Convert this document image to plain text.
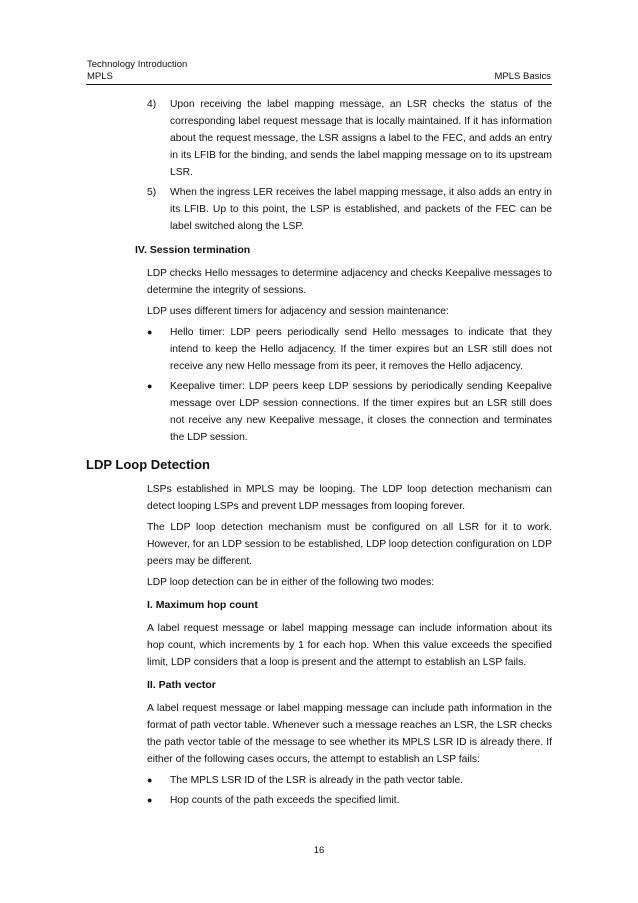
Technology Introduction
MPLS	MPLS Basics
4) Upon receiving the label mapping message, an LSR checks the status of the corresponding label request message that is locally maintained. If it has information about the request message, the LSR assigns a label to the FEC, and adds an entry in its LFIB for the binding, and sends the label mapping message on to its upstream LSR.

5) When the ingress LER receives the label mapping message, it also adds an entry in its LFIB. Up to this point, the LSP is established, and packets of the FEC can be label switched along the LSP.

IV. Session termination

LDP checks Hello messages to determine adjacency and checks Keepalive messages to determine the integrity of sessions.

LDP uses different timers for adjacency and session maintenance:

● Hello timer: LDP peers periodically send Hello messages to indicate that they intend to keep the Hello adjacency. If the timer expires but an LSR still does not receive any new Hello message from its peer, it removes the Hello adjacency.

● Keepalive timer: LDP peers keep LDP sessions by periodically sending Keepalive message over LDP session connections. If the timer expires but an LSR still does not receive any new Keepalive message, it closes the connection and terminates the LDP session.

LDP Loop Detection

LSPs established in MPLS may be looping. The LDP loop detection mechanism can detect looping LSPs and prevent LDP messages from looping forever.

The LDP loop detection mechanism must be configured on all LSR for it to work. However, for an LDP session to be established, LDP loop detection configuration on LDP peers may be different.

LDP loop detection can be in either of the following two modes:

I. Maximum hop count

A label request message or label mapping message can include information about its hop count, which increments by 1 for each hop. When this value exceeds the specified limit, LDP considers that a loop is present and the attempt to establish an LSP fails.

II. Path vector

A label request message or label mapping message can include path information in the format of path vector table. Whenever such a message reaches an LSR, the LSR checks the path vector table of the message to see whether its MPLS LSR ID is already there. If either of the following cases occurs, the attempt to establish an LSP fails:

● The MPLS LSR ID of the LSR is already in the path vector table.

● Hop counts of the path exceeds the specified limit.

16
